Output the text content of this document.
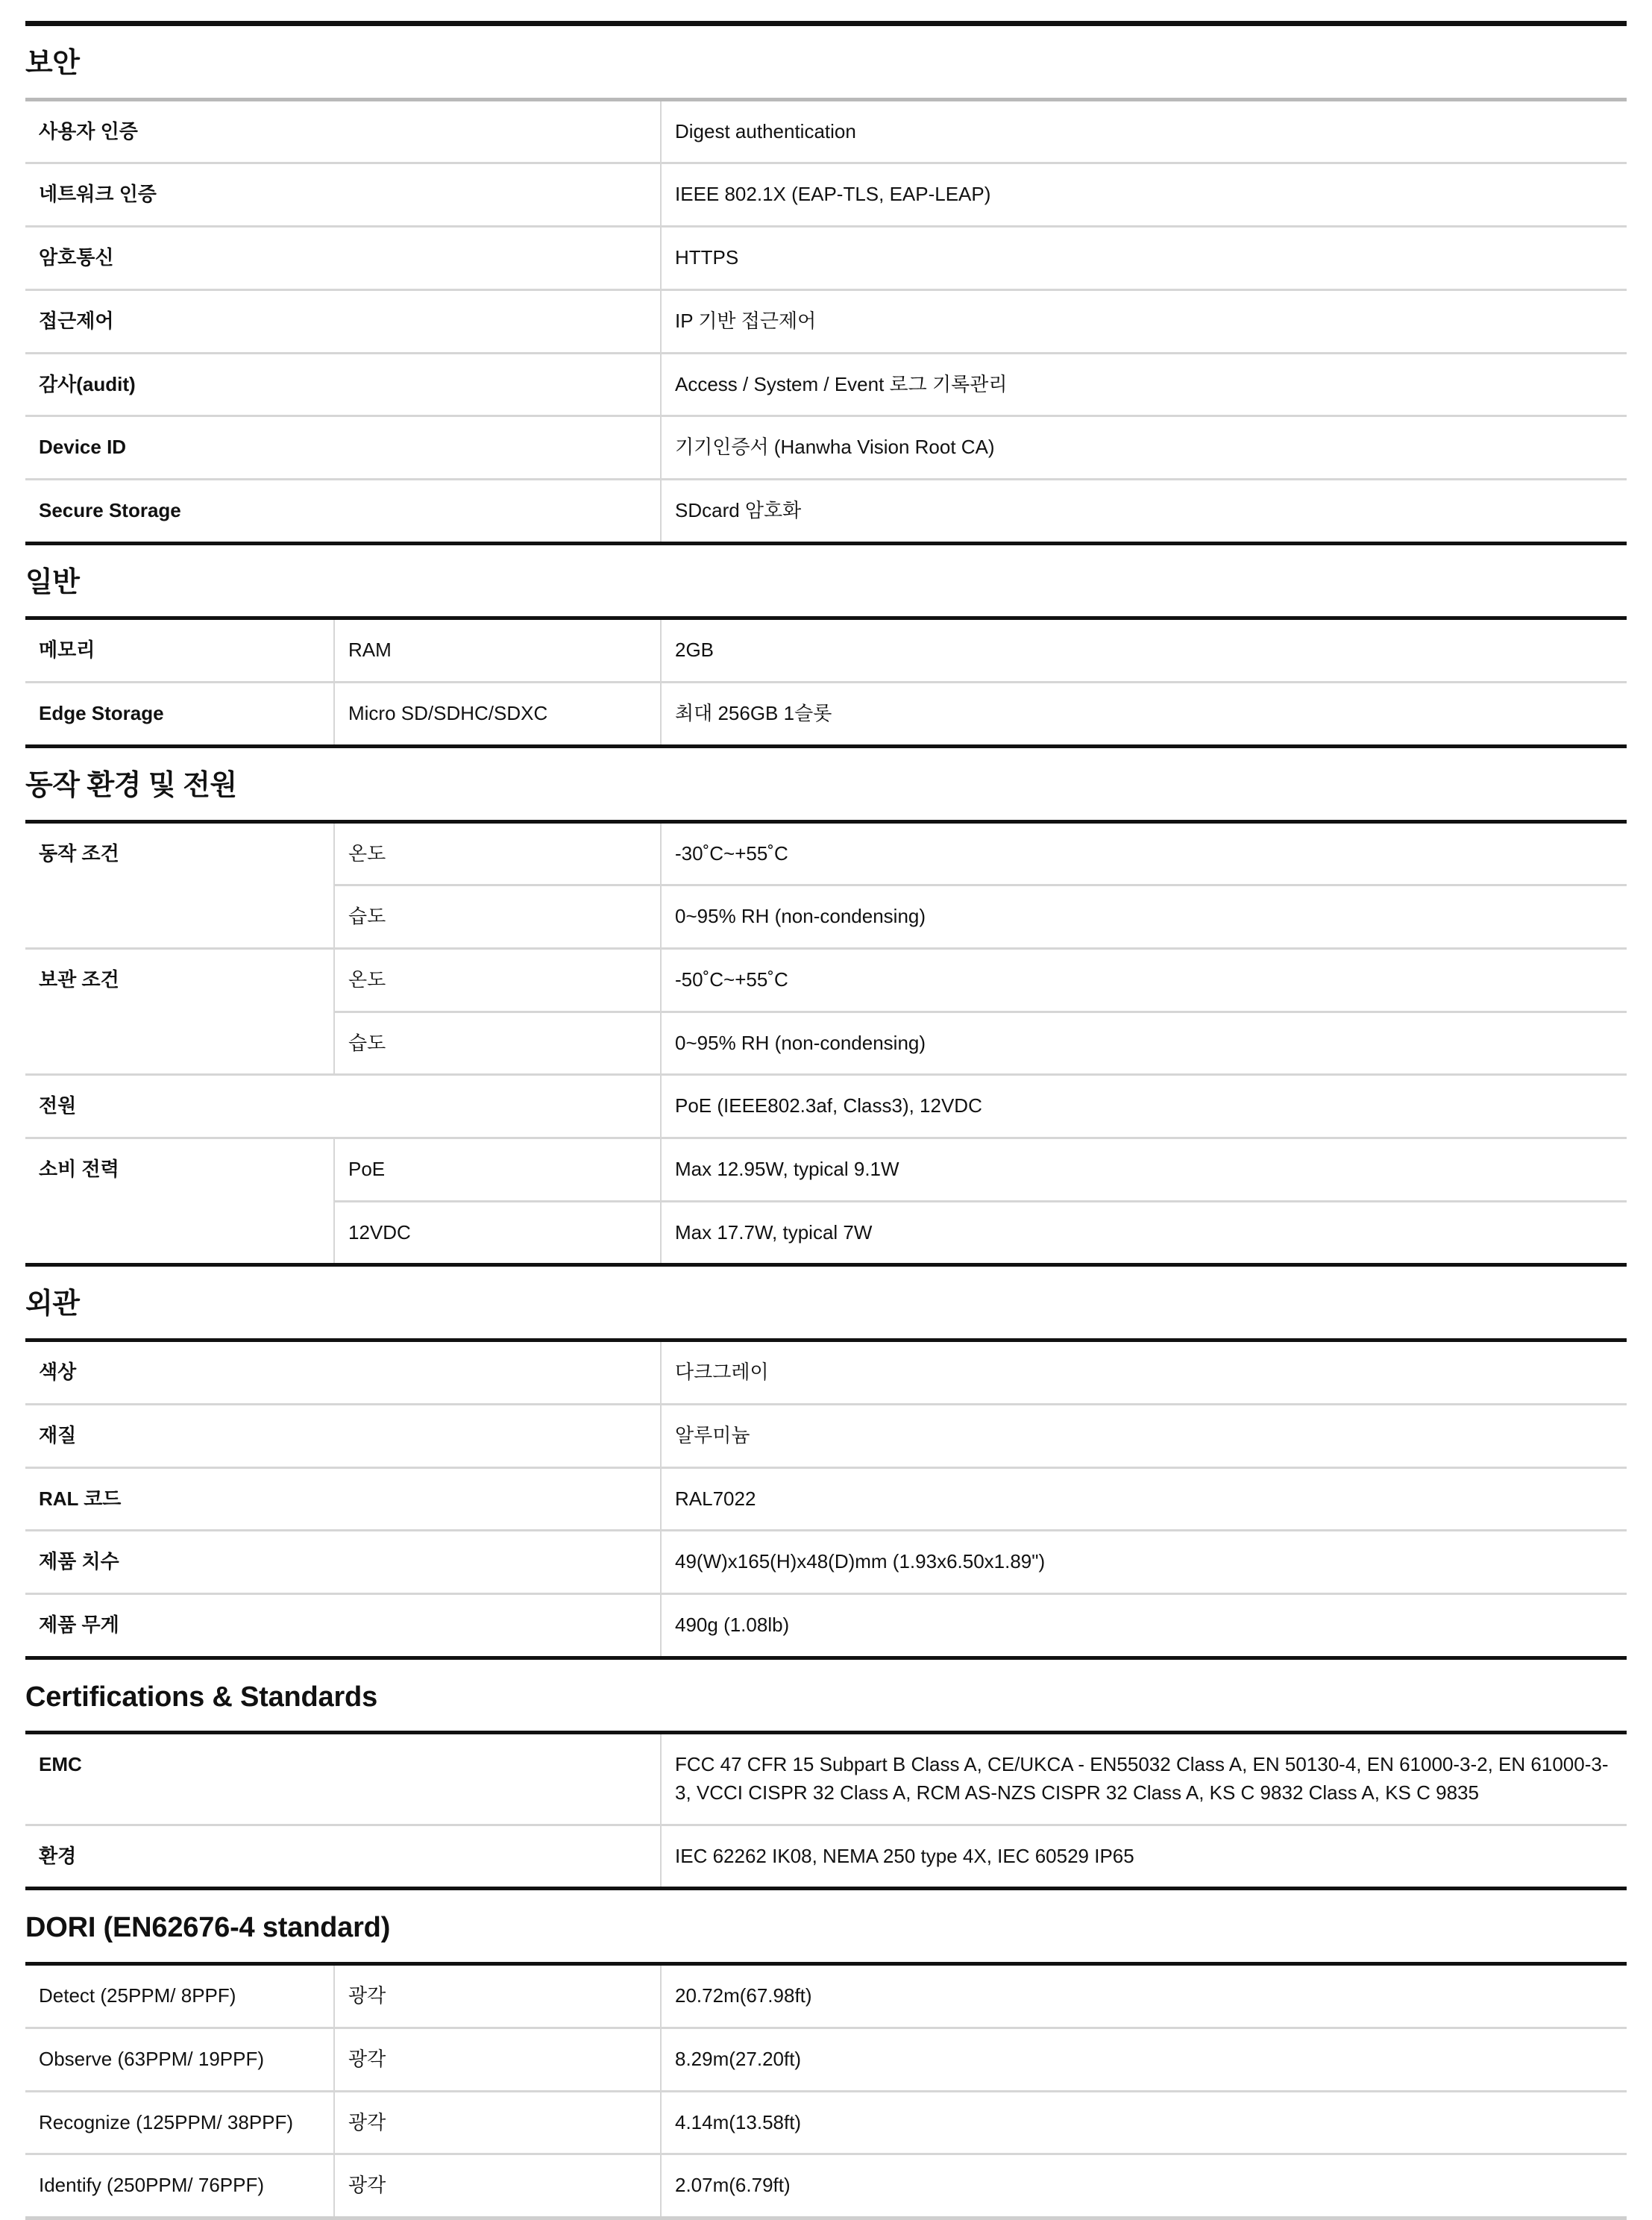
보안
사용자 인증	Digest authentication
네트워크 인증	IEEE 802.1X (EAP-TLS, EAP-LEAP)
암호통신	HTTPS
접근제어	IP 기반 접근제어
감사(audit)	Access / System / Event 로그 기록관리
Device ID	기기인증서 (Hanwha Vision Root CA)
Secure Storage	SDcard 암호화
일반
메모리	RAM	2GB
Edge Storage	Micro SD/SDHC/SDXC	최대 256GB 1슬롯
동작 환경 및 전원
동작 조건	온도	-30˚C~+55˚C
	습도	0~95% RH (non-condensing)
보관 조건	온도	-50˚C~+55˚C
	습도	0~95% RH (non-condensing)
전원		PoE (IEEE802.3af, Class3), 12VDC
소비 전력	PoE	Max 12.95W, typical 9.1W
	12VDC	Max 17.7W, typical 7W
외관
색상	다크그레이
재질	알루미늄
RAL 코드	RAL7022
제품 치수	49(W)x165(H)x48(D)mm (1.93x6.50x1.89")
제품 무게	490g (1.08lb)
Certifications & Standards
EMC	FCC 47 CFR 15 Subpart B Class A, CE/UKCA - EN55032 Class A, EN 50130-4, EN 61000-3-2, EN 61000-3-3, VCCI CISPR 32 Class A, RCM AS-NZS CISPR 32 Class A, KS C 9832 Class A, KS C 9835
환경	IEC 62262 IK08, NEMA 250 type 4X, IEC 60529 IP65
DORI (EN62676-4 standard)
Detect (25PPM/ 8PPF)	광각	20.72m(67.98ft)
Observe (63PPM/ 19PPF)	광각	8.29m(27.20ft)
Recognize (125PPM/ 38PPF)	광각	4.14m(13.58ft)
Identify (250PPM/ 76PPF)	광각	2.07m(6.79ft)
